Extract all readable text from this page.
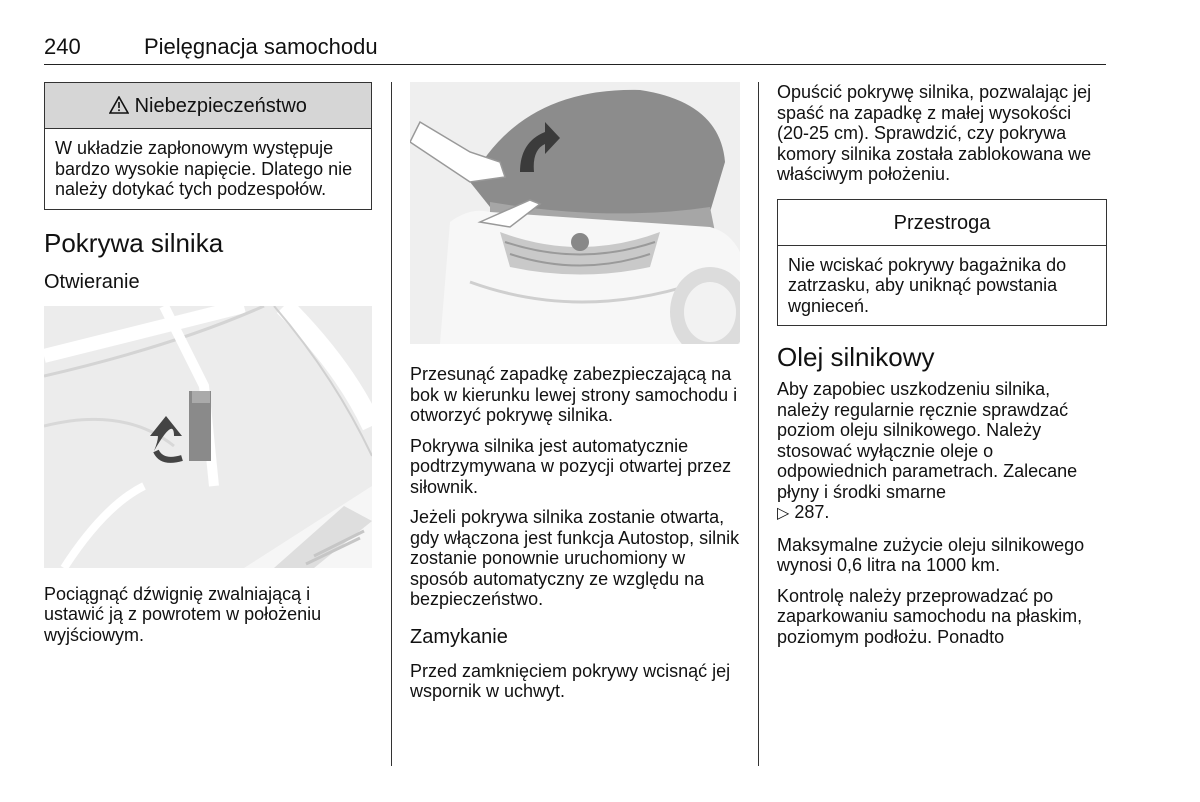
240	Pielęgnacja samochodu
Niebezpieczeństwo
W układzie zapłonowym występuje bardzo wysokie napięcie. Dlatego nie należy dotykać tych podzespołów.
Pokrywa silnika
Otwieranie

Pociągnąć dźwignię zwalniającą i ustawić ją z powrotem w położeniu wyjściowym.

Przesunąć zapadkę zabezpieczającą na bok w kierunku lewej strony samochodu i otworzyć pokrywę silnika.

Pokrywa silnika jest automatycznie podtrzymywana w pozycji otwartej przez siłownik.

Jeżeli pokrywa silnika zostanie otwarta, gdy włączona jest funkcja Autostop, silnik zostanie ponownie uruchomiony w sposób automatyczny ze względu na bezpieczeństwo.

Zamykanie

Przed zamknięciem pokrywy wcisnąć jej wspornik w uchwyt.

Opuścić pokrywę silnika, pozwalając jej spaść na zapadkę z małej wysokości (20-25 cm). Sprawdzić, czy pokrywa komory silnika została zablokowana we właściwym położeniu.

Przestroga
Nie wciskać pokrywy bagażnika do zatrzasku, aby uniknąć powstania wgnieceń.
Olej silnikowy

Aby zapobiec uszkodzeniu silnika, należy regularnie ręcznie sprawdzać poziom oleju silnikowego. Należy stosować wyłącznie oleje o odpowiednich parametrach. Zalecane płyny i środki smarne
▷ 287.

Maksymalne zużycie oleju silnikowego wynosi 0,6 litra na 1000 km.

Kontrolę należy przeprowadzać po zaparkowaniu samochodu na płaskim, poziomym podłożu. Ponadto
